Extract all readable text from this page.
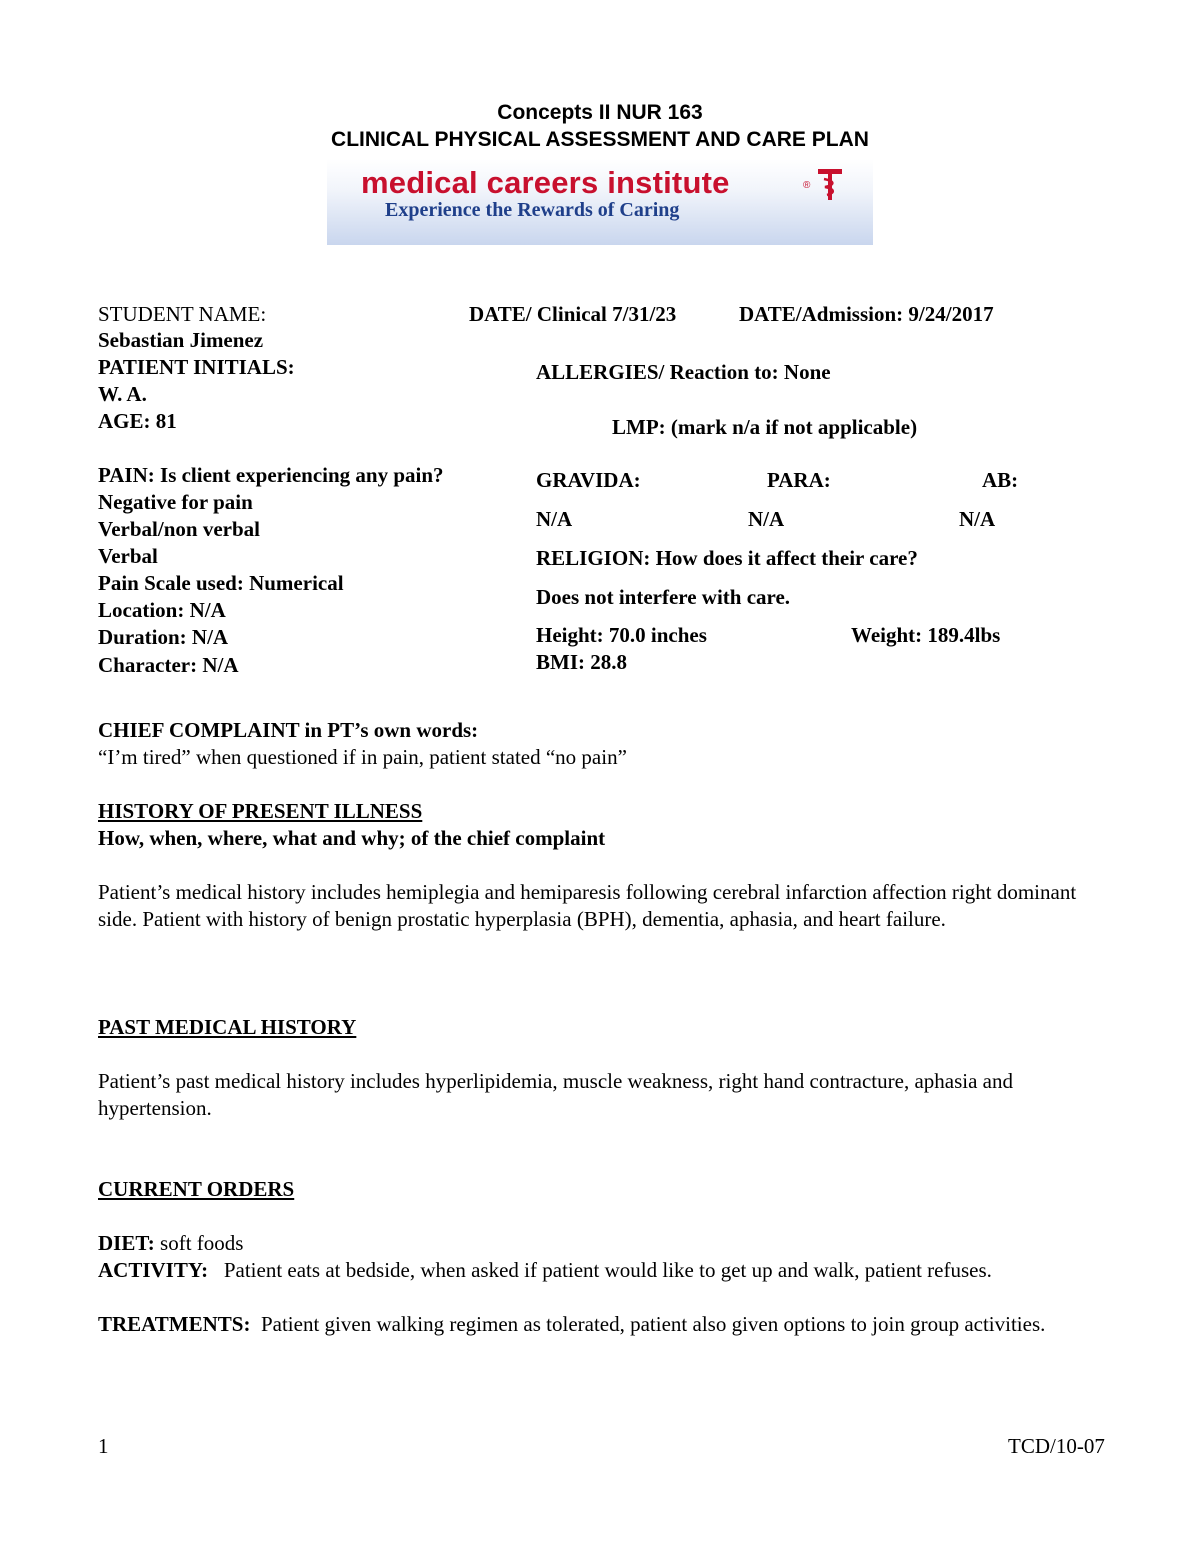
Concepts II NUR 163
CLINICAL PHYSICAL ASSESSMENT AND CARE PLAN
medical careers institute	®
Experience the Rewards of Caring
STUDENT NAME:	DATE/ Clinical 7/31/23	DATE/Admission: 9/24/2017
Sebastian Jimenez
PATIENT INITIALS:	ALLERGIES/ Reaction to: None
W. A.
AGE: 81	LMP: (mark n/a if not applicable)
PAIN: Is client experiencing any pain?
Negative for pain
Verbal/non verbal
Verbal
Pain Scale used: Numerical
Location: N/A
Duration: N/A
Character: N/A
GRAVIDA:	PARA:	AB:
N/A	N/A	N/A
RELIGION: How does it affect their care?
Does not interfere with care.
Height: 70.0 inches	Weight: 189.4lbs
BMI: 28.8
CHIEF COMPLAINT in PT’s own words:
“I’m tired” when questioned if in pain, patient stated “no pain”
HISTORY OF PRESENT ILLNESS
How, when, where, what and why; of the chief complaint
Patient’s medical history includes hemiplegia and hemiparesis following cerebral infarction affection right dominant side. Patient with history of benign prostatic hyperplasia (BPH), dementia, aphasia, and heart failure.
PAST MEDICAL HISTORY
Patient’s past medical history includes hyperlipidemia, muscle weakness, right hand contracture, aphasia and hypertension.
CURRENT ORDERS
DIET: soft foods
ACTIVITY:   Patient eats at bedside, when asked if patient would like to get up and walk, patient refuses.
TREATMENTS:  Patient given walking regimen as tolerated, patient also given options to join group activities.
1	TCD/10-07
